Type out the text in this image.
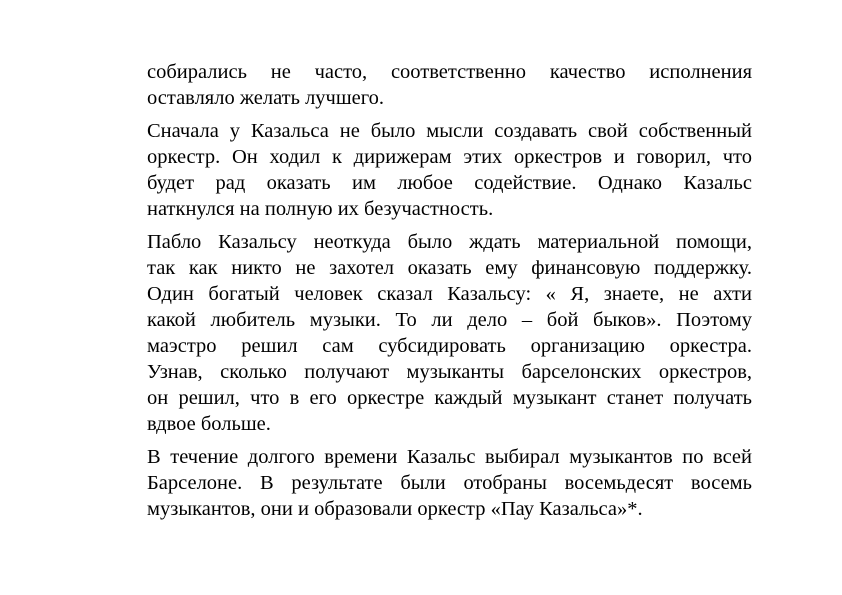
собирались не часто, соответственно качество исполнения
оставляло желать лучшего.

Сначала у Казальса не было мысли создавать свой собственный
оркестр. Он ходил к дирижерам этих оркестров и говорил, что
будет рад оказать им любое содействие. Однако Казальс
наткнулся на полную их безучастность.

Пабло Казальсу неоткуда было ждать материальной помощи,
так как никто не захотел оказать ему финансовую поддержку.
Один богатый человек сказал Казальсу: « Я, знаете, не ахти
какой любитель музыки. То ли дело – бой быков». Поэтому
маэстро решил сам субсидировать организацию оркестра.
Узнав, сколько получают музыканты барселонских оркестров,
он решил, что в его оркестре каждый музыкант станет получать
вдвое больше.

В течение долгого времени Казальс выбирал музыкантов по всей
Барселоне. В результате были отобраны восемьдесят восемь
музыкантов, они и образовали оркестр «Пау Казальса»*.
